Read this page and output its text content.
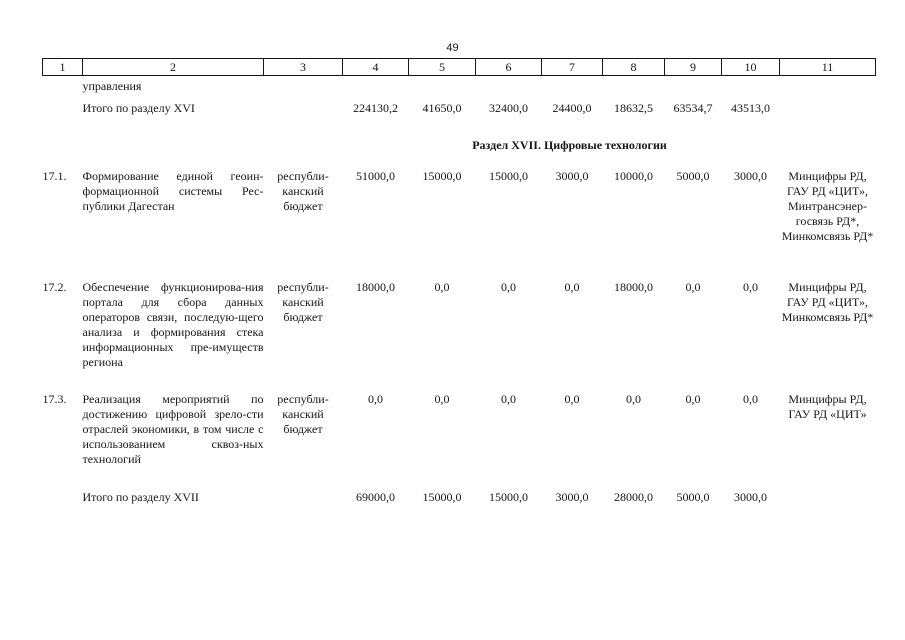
49
1	2	3	4	5	6	7	8	9	10	11
	управления									
	Итого по разделу XVI		224130,2	41650,0	32400,0	24400,0	18632,5	63534,7	43513,0	
		Раздел XVII. Цифровые технологии								
17.1.	Формирование единой геоин-формационной системы Рес-публики Дагестан	республи-канский бюджет	51000,0	15000,0	15000,0	3000,0	10000,0	5000,0	3000,0	Минцифры РД, ГАУ РД «ЦИТ», Минтрансэнер-госвязь РД*, Минкомсвязь РД*
17.2.	Обеспечение функционирова-ния портала для сбора данных операторов связи, последую-щего анализа и формирования стека информационных пре-имуществ региона	республи-канский бюджет	18000,0	0,0	0,0	0,0	18000,0	0,0	0,0	Минцифры РД, ГАУ РД «ЦИТ», Минкомсвязь РД*
17.3.	Реализация мероприятий по достижению цифровой зрело-сти отраслей экономики, в том числе с использованием сквоз-ных технологий	республи-канский бюджет	0,0	0,0	0,0	0,0	0,0	0,0	0,0	Минцифры РД, ГАУ РД «ЦИТ»
	Итого по разделу XVII		69000,0	15000,0	15000,0	3000,0	28000,0	5000,0	3000,0	
